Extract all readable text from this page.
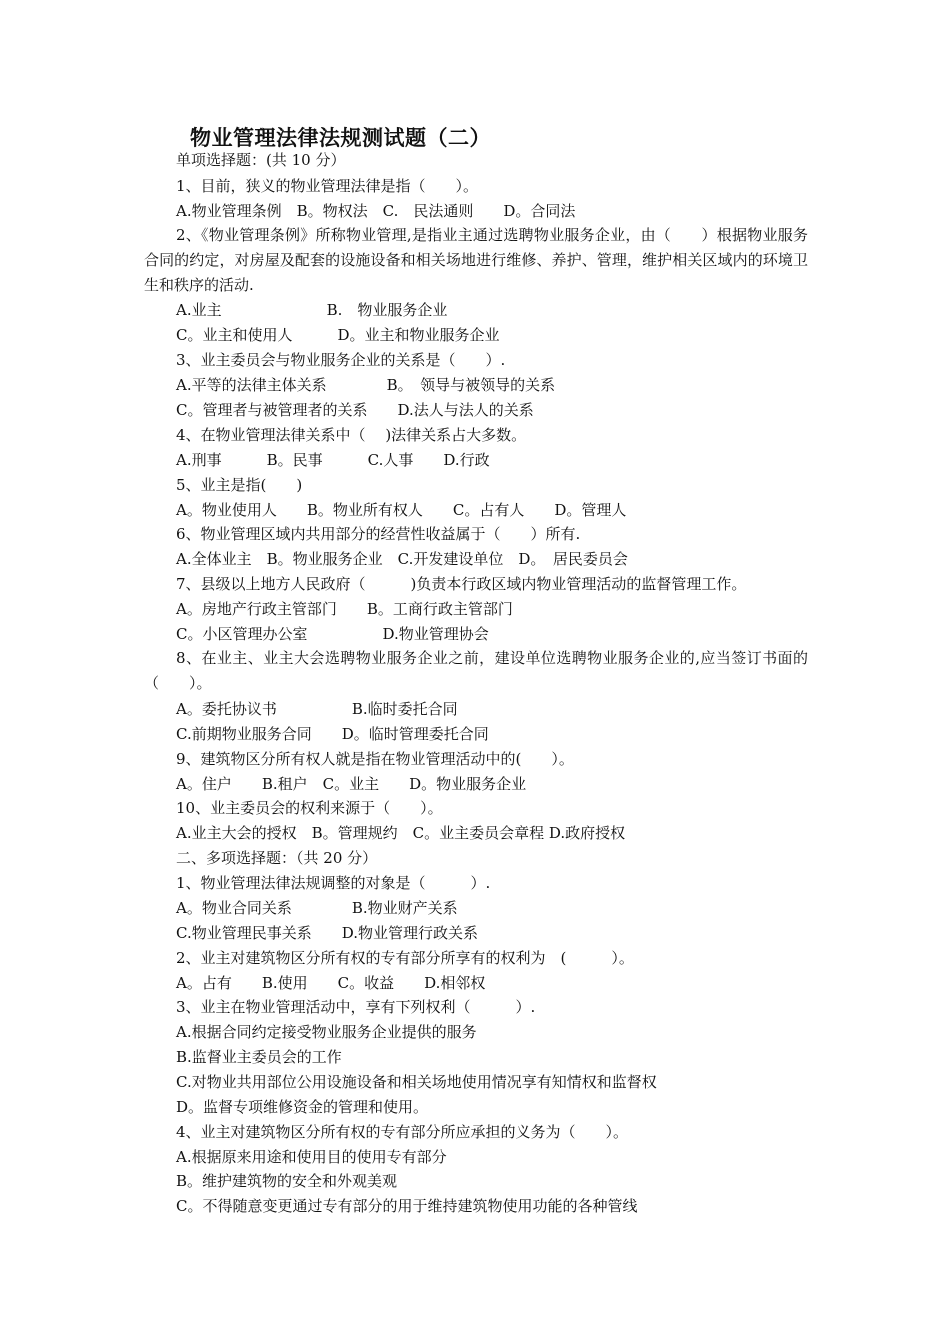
物业管理法律法规测试题（二）
单项选择题：(共 10 分）
1、目前，狭义的物业管理法律是指（　　）。
A.物业管理条例　B。物权法　C.　民法通则　　D。合同法
2、《物业管理条例》所称物业管理,是指业主通过选聘物业服务企业，由（　　）根据物业服务合同的约定，对房屋及配套的设施设备和相关场地进行维修、养护、管理，维护相关区域内的环境卫生和秩序的活动.
A.业主　　　　　　　B.　物业服务企业
C。业主和使用人　　　D。业主和物业服务企业
3、业主委员会与物业服务企业的关系是（　　）.
A.平等的法律主体关系　　　　B。　领导与被领导的关系
C。管理者与被管理者的关系　　D.法人与法人的关系
4、在物业管理法律关系中（　 )法律关系占大多数。
A.刑事　　　B。民事　　　C.人事　　D.行政
5、业主是指(　　)
A。物业使用人　　B。物业所有权人　　C。占有人　　D。管理人
6、物业管理区域内共用部分的经营性收益属于（　　）所有.
A.全体业主　B。物业服务企业　C.开发建设单位　D。　居民委员会
7、县级以上地方人民政府（　　　)负责本行政区域内物业管理活动的监督管理工作。
A。房地产行政主管部门　　B。工商行政主管部门
C。小区管理办公室　　　　　D.物业管理协会
8、在业主、业主大会选聘物业服务企业之前，建设单位选聘物业服务企业的,应当签订书面的（　　）。
A。委托协议书　　　　　B.临时委托合同
C.前期物业服务合同　　D。临时管理委托合同
9、建筑物区分所有权人就是指在物业管理活动中的(　　）。
A。住户　　B.租户　C。业主　　D。物业服务企业
10、业主委员会的权利来源于（　　）。
A.业主大会的授权　B。管理规约　C。业主委员会章程 D.政府授权
二、多项选择题：（共 20 分）
1、物业管理法律法规调整的对象是（　　　）.
A。物业合同关系　　　　B.物业财产关系
C.物业管理民事关系　　D.物业管理行政关系
2、业主对建筑物区分所有权的专有部分所享有的权利为　(　　　）。
A。占有　　B.使用　　C。收益　　D.相邻权
3、业主在物业管理活动中，享有下列权利（　　　）.
A.根据合同约定接受物业服务企业提供的服务
B.监督业主委员会的工作
C.对物业共用部位公用设施设备和相关场地使用情况享有知情权和监督权
D。监督专项维修资金的管理和使用。
4、业主对建筑物区分所有权的专有部分所应承担的义务为（　　）。
A.根据原来用途和使用目的使用专有部分
B。维护建筑物的安全和外观美观
C。不得随意变更通过专有部分的用于维持建筑物使用功能的各种管线
